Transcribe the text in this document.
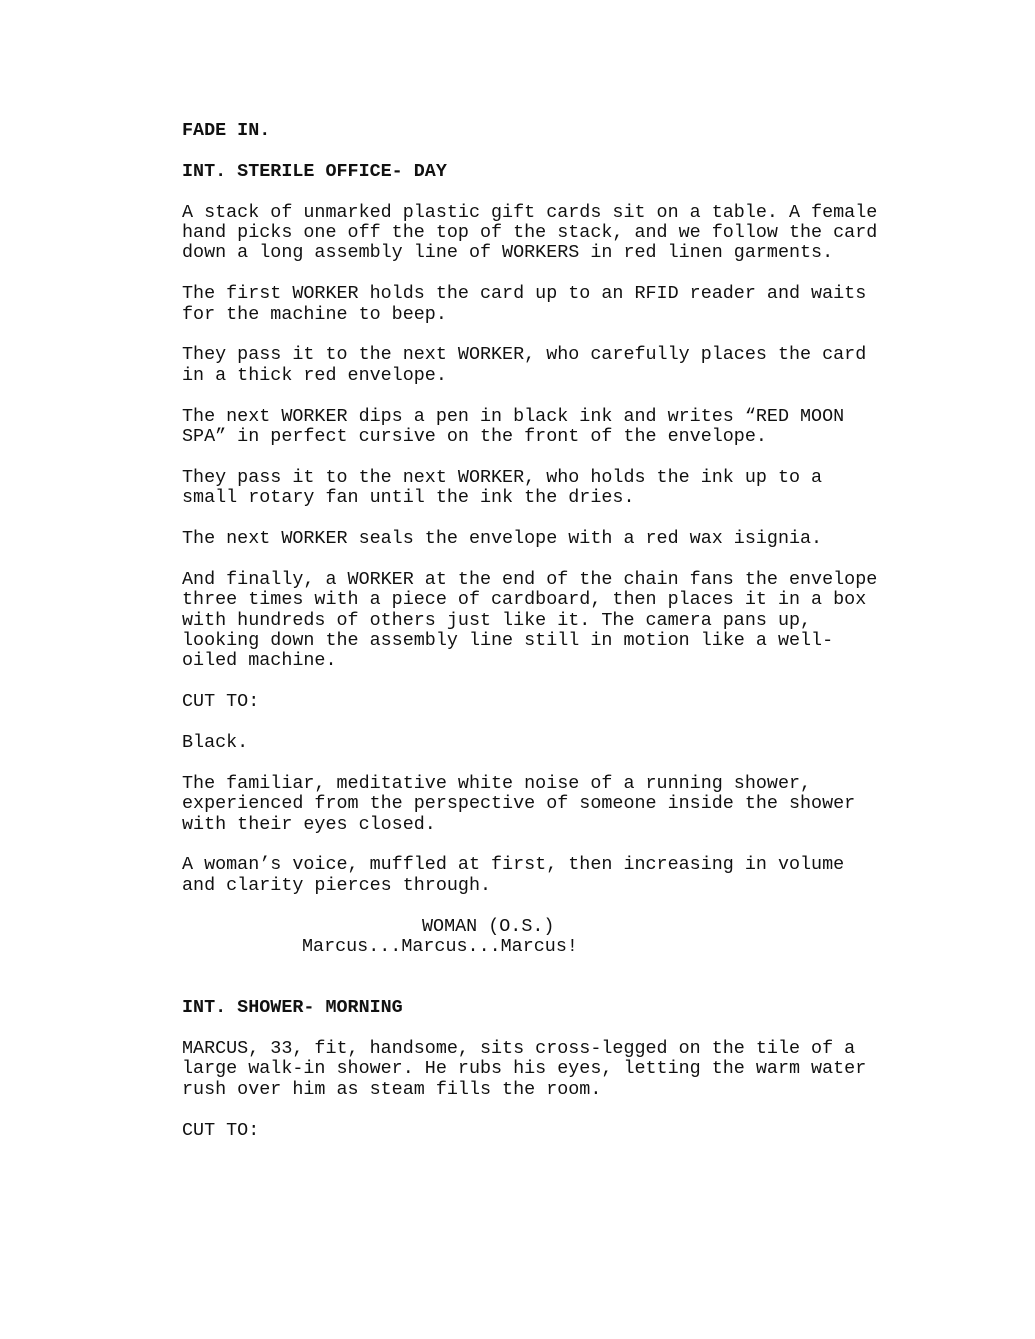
FADE IN.
INT. STERILE OFFICE- DAY
A stack of unmarked plastic gift cards sit on a table. A female
hand picks one off the top of the stack, and we follow the card
down a long assembly line of WORKERS in red linen garments.
The first WORKER holds the card up to an RFID reader and waits
for the machine to beep.
They pass it to the next WORKER, who carefully places the card
in a thick red envelope.
The next WORKER dips a pen in black ink and writes “RED MOON
SPA” in perfect cursive on the front of the envelope.
They pass it to the next WORKER, who holds the ink up to a
small rotary fan until the ink the dries.
The next WORKER seals the envelope with a red wax isignia.
And finally, a WORKER at the end of the chain fans the envelope
three times with a piece of cardboard, then places it in a box
with hundreds of others just like it. The camera pans up,
looking down the assembly line still in motion like a well-
oiled machine.
CUT TO:
Black.
The familiar, meditative white noise of a running shower,
experienced from the perspective of someone inside the shower
with their eyes closed.
A woman’s voice, muffled at first, then increasing in volume
and clarity pierces through.
WOMAN (O.S.)
Marcus...Marcus...Marcus!
INT. SHOWER- MORNING
MARCUS, 33, fit, handsome, sits cross-legged on the tile of a
large walk-in shower. He rubs his eyes, letting the warm water
rush over him as steam fills the room.
CUT TO:
